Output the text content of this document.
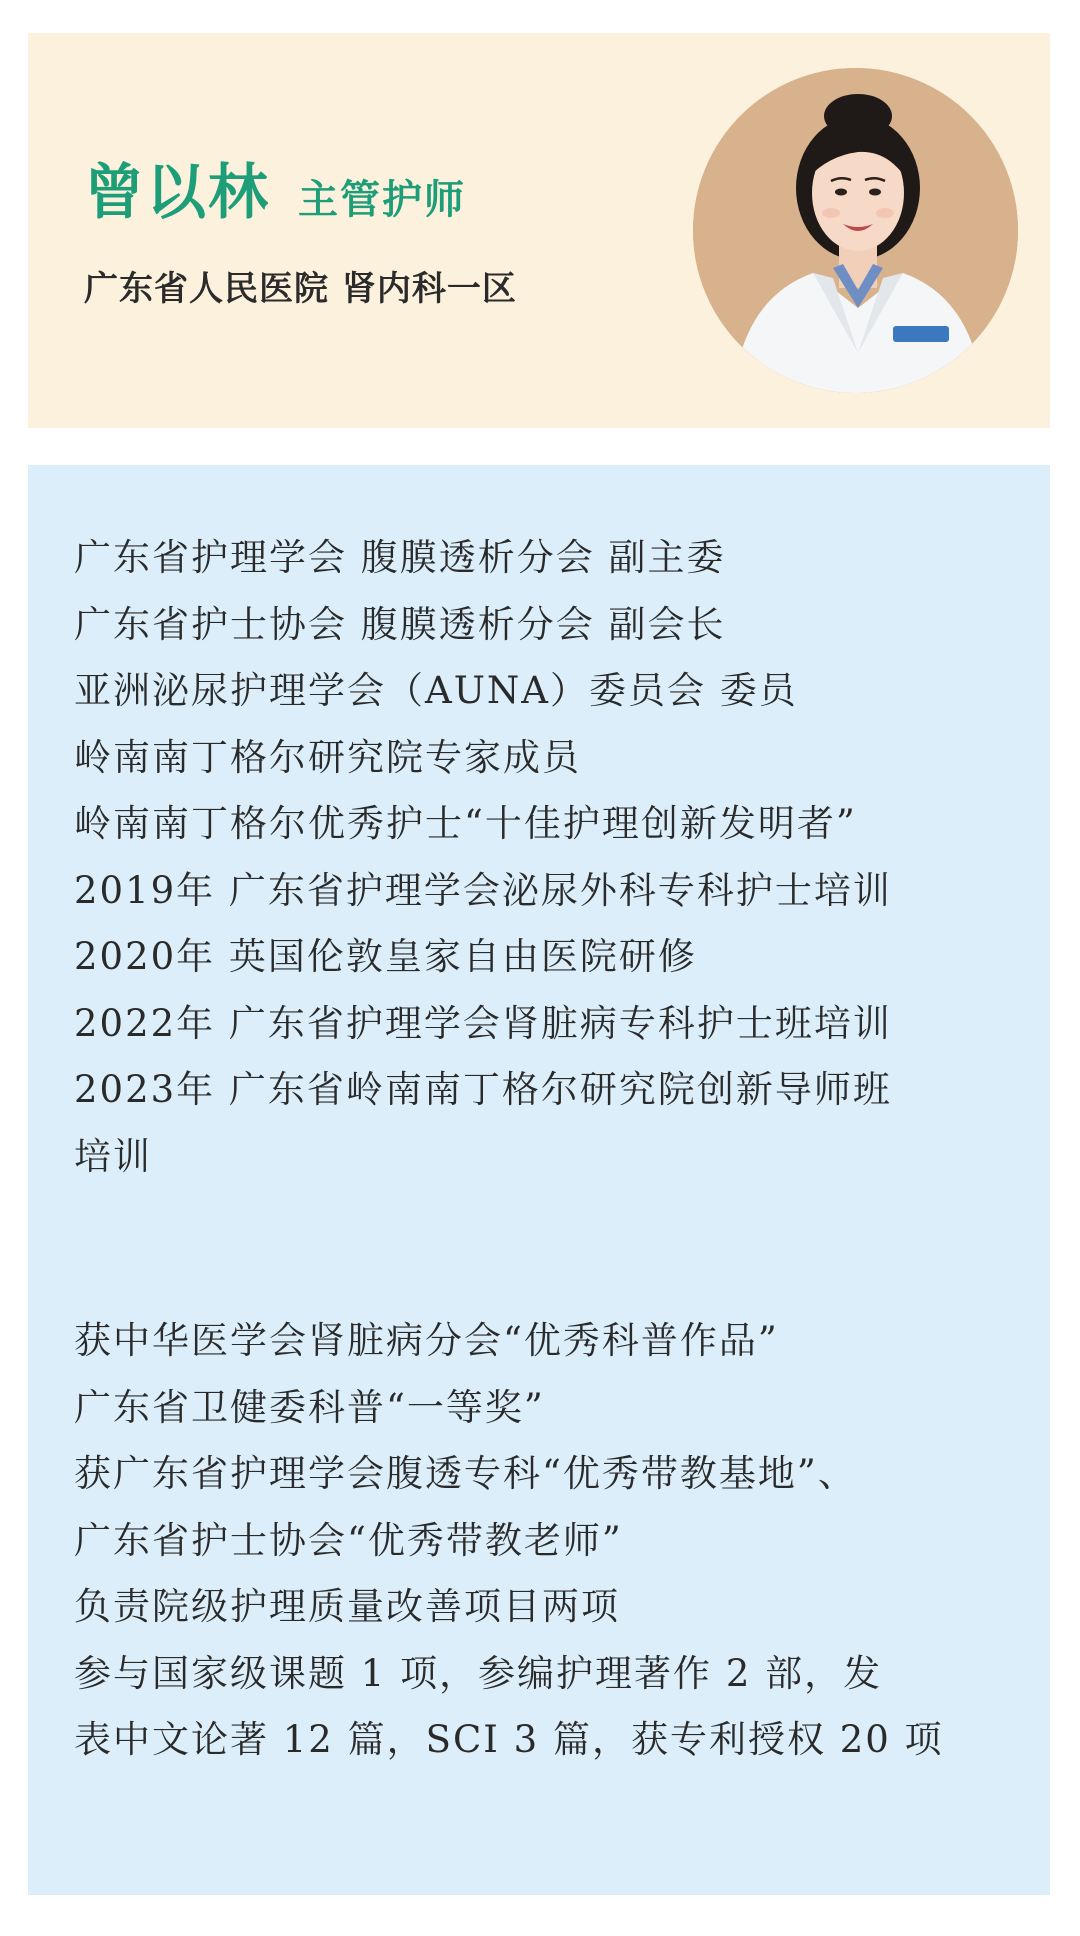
曾以林 主管护师
广东省人民医院 肾内科一区
广东省护理学会 腹膜透析分会 副主委
广东省护士协会 腹膜透析分会 副会长
亚洲泌尿护理学会（AUNA）委员会 委员
岭南南丁格尔研究院专家成员
岭南南丁格尔优秀护士“十佳护理创新发明者”
2019年 广东省护理学会泌尿外科专科护士培训
2020年 英国伦敦皇家自由医院研修
2022年 广东省护理学会肾脏病专科护士班培训
2023年 广东省岭南南丁格尔研究院创新导师班
培训
获中华医学会肾脏病分会“优秀科普作品”
广东省卫健委科普“一等奖”
获广东省护理学会腹透专科“优秀带教基地”、
广东省护士协会“优秀带教老师”
负责院级护理质量改善项目两项
参与国家级课题 1 项，参编护理著作 2 部，发
表中文论著 12 篇，SCI 3 篇，获专利授权 20 项
